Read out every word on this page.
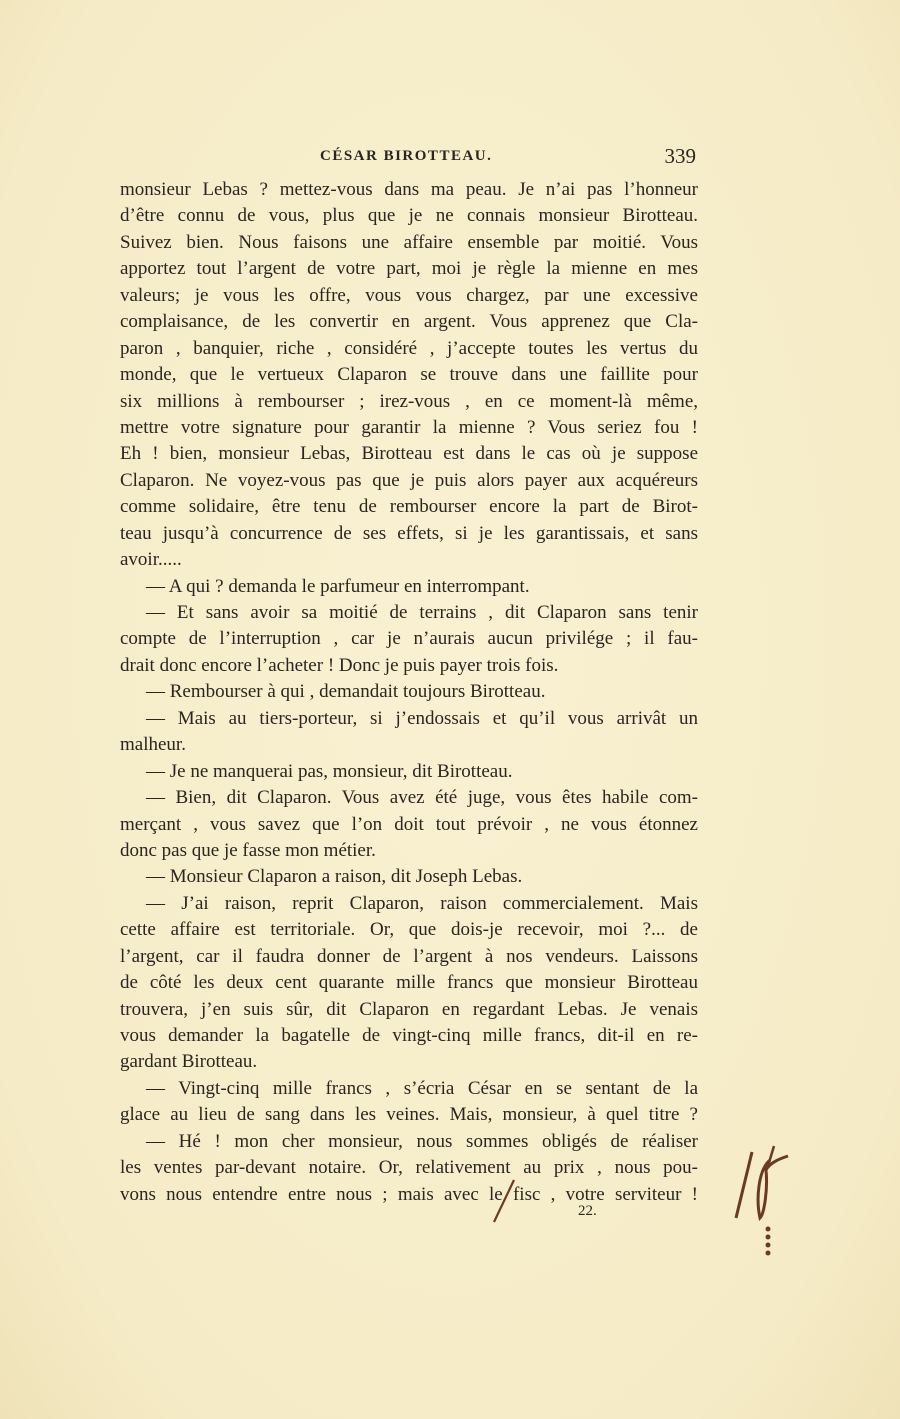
CÉSAR BIROTTEAU.	339
monsieur Lebas ? mettez-vous dans ma peau. Je n’ai pas l’honneur
d’être connu de vous, plus que je ne connais monsieur Birotteau.
Suivez bien. Nous faisons une affaire ensemble par moitié. Vous
apportez tout l’argent de votre part, moi je règle la mienne en mes
valeurs; je vous les offre, vous vous chargez, par une excessive
complaisance, de les convertir en argent. Vous apprenez que Cla-
paron , banquier, riche , considéré , j’accepte toutes les vertus du
monde, que le vertueux Claparon se trouve dans une faillite pour
six millions à rembourser ; irez-vous , en ce moment-là même,
mettre votre signature pour garantir la mienne ? Vous seriez fou !
Eh ! bien, monsieur Lebas, Birotteau est dans le cas où je suppose
Claparon. Ne voyez-vous pas que je puis alors payer aux acquéreurs
comme solidaire, être tenu de rembourser encore la part de Birot-
teau jusqu’à concurrence de ses effets, si je les garantissais, et sans
avoir.....
— A qui ? demanda le parfumeur en interrompant.
— Et sans avoir sa moitié de terrains , dit Claparon sans tenir
compte de l’interruption , car je n’aurais aucun privilége ; il fau-
drait donc encore l’acheter ! Donc je puis payer trois fois.
— Rembourser à qui , demandait toujours Birotteau.
— Mais au tiers-porteur, si j’endossais et qu’il vous arrivât un
malheur.
— Je ne manquerai pas, monsieur, dit Birotteau.
— Bien, dit Claparon. Vous avez été juge, vous êtes habile com-
merçant , vous savez que l’on doit tout prévoir , ne vous étonnez
donc pas que je fasse mon métier.
— Monsieur Claparon a raison, dit Joseph Lebas.
— J’ai raison, reprit Claparon, raison commercialement. Mais
cette affaire est territoriale. Or, que dois-je recevoir, moi ?... de
l’argent, car il faudra donner de l’argent à nos vendeurs. Laissons
de côté les deux cent quarante mille francs que monsieur Birotteau
trouvera, j’en suis sûr, dit Claparon en regardant Lebas. Je venais
vous demander la bagatelle de vingt-cinq mille francs, dit-il en re-
gardant Birotteau.
— Vingt-cinq mille francs , s’écria César en se sentant de la
glace au lieu de sang dans les veines. Mais, monsieur, à quel titre ?
— Hé ! mon cher monsieur, nous sommes obligés de réaliser
les ventes par-devant notaire. Or, relativement au prix , nous pou-
vons nous entendre entre nous ; mais avec le fisc , votre serviteur !
22.
